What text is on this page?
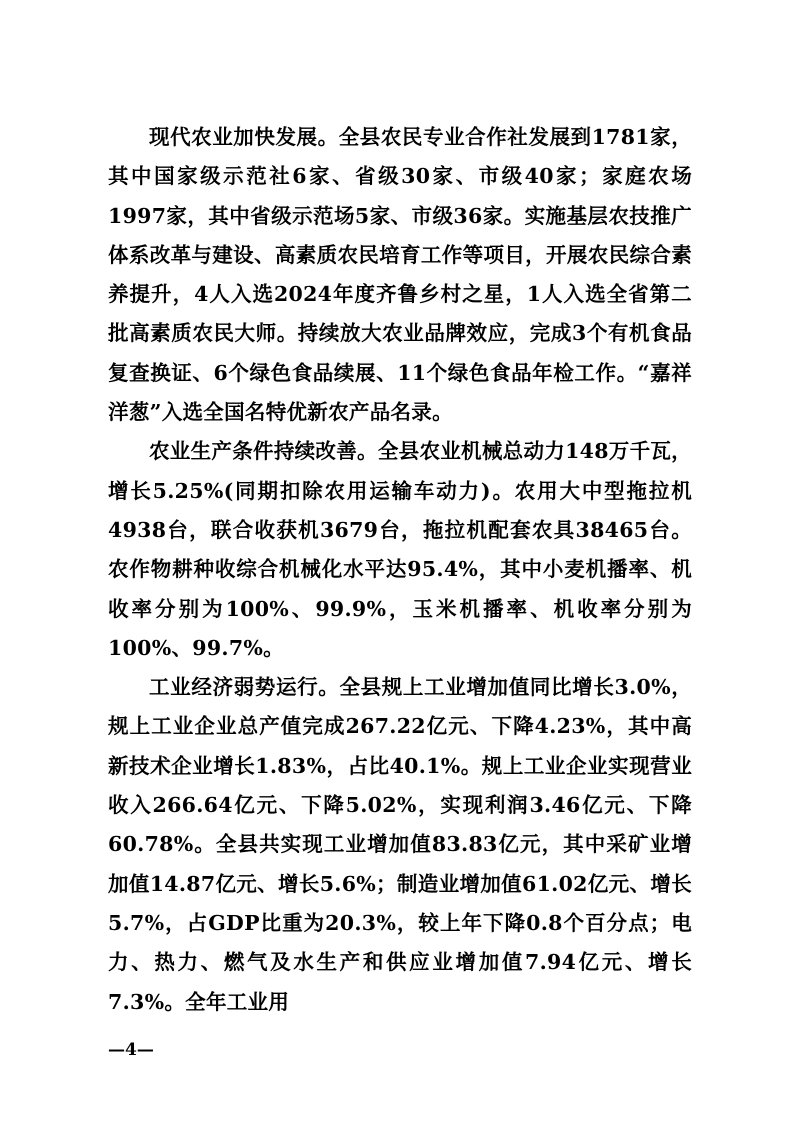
现代农业加快发展。全县农民专业合作社发展到1781家，其中国家级示范社6家、省级30家、市级40家；家庭农场1997家，其中省级示范场5家、市级36家。实施基层农技推广体系改革与建设、高素质农民培育工作等项目，开展农民综合素养提升，4人入选2024年度齐鲁乡村之星，1人入选全省第二批高素质农民大师。持续放大农业品牌效应，完成3个有机食品复查换证、6个绿色食品续展、11个绿色食品年检工作。“嘉祥洋葱”入选全国名特优新农产品名录。

农业生产条件持续改善。全县农业机械总动力148万千瓦，增长5.25%(同期扣除农用运输车动力)。农用大中型拖拉机4938台，联合收获机3679台，拖拉机配套农具38465台。农作物耕种收综合机械化水平达95.4%，其中小麦机播率、机收率分别为100%、99.9%，玉米机播率、机收率分别为100%、99.7%。

工业经济弱势运行。全县规上工业增加值同比增长3.0%，规上工业企业总产值完成267.22亿元、下降4.23%，其中高新技术企业增长1.83%，占比40.1%。规上工业企业实现营业收入266.64亿元、下降5.02%，实现利润3.46亿元、下降60.78%。全县共实现工业增加值83.83亿元，其中采矿业增加值14.87亿元、增长5.6%；制造业增加值61.02亿元、增长5.7%，占GDP比重为20.3%，较上年下降0.8个百分点；电力、热力、燃气及水生产和供应业增加值7.94亿元、增长7.3%。全年工业用

—4—
